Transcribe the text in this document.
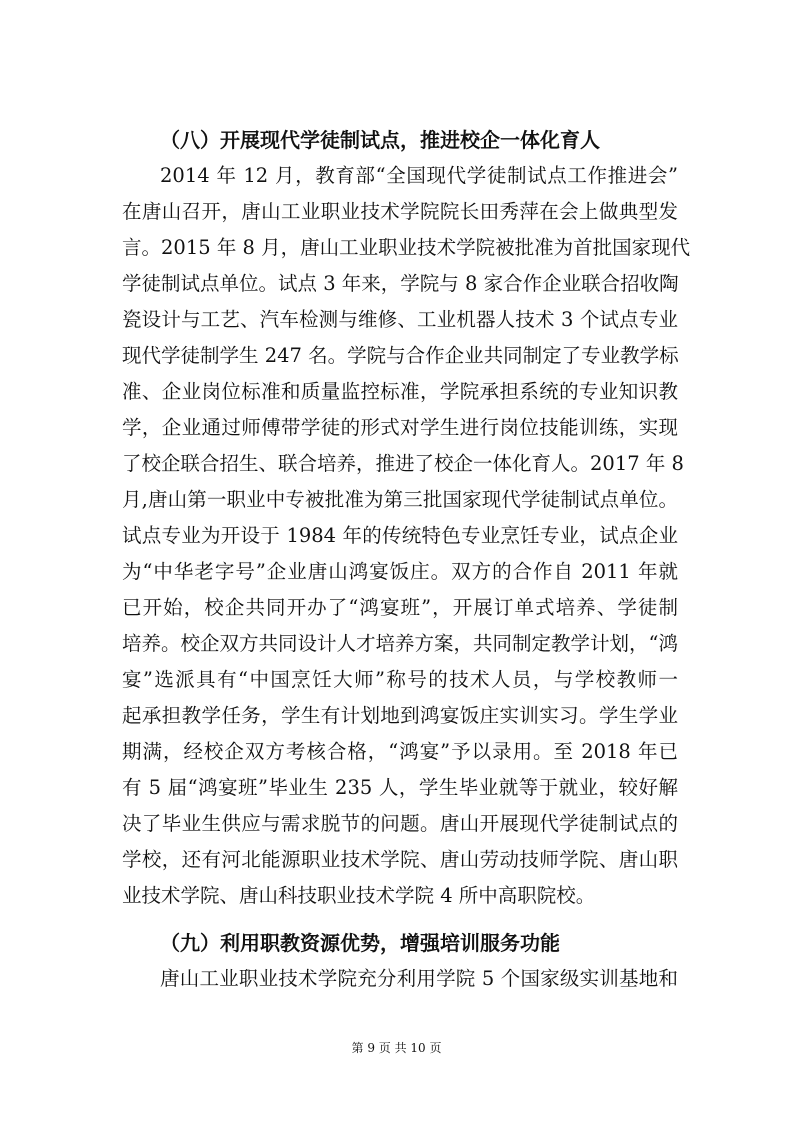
（八）开展现代学徒制试点，推进校企一体化育人
2014 年 12 月，教育部“全国现代学徒制试点工作推进会”
在唐山召开，唐山工业职业技术学院院长田秀萍在会上做典型发
言。2015 年 8 月，唐山工业职业技术学院被批准为首批国家现代
学徒制试点单位。试点 3 年来，学院与 8 家合作企业联合招收陶
瓷设计与工艺、汽车检测与维修、工业机器人技术 3 个试点专业
现代学徒制学生 247 名。学院与合作企业共同制定了专业教学标
准、企业岗位标准和质量监控标准，学院承担系统的专业知识教
学，企业通过师傅带学徒的形式对学生进行岗位技能训练，实现
了校企联合招生、联合培养，推进了校企一体化育人。2017 年 8
月,唐山第一职业中专被批准为第三批国家现代学徒制试点单位。
试点专业为开设于 1984 年的传统特色专业烹饪专业，试点企业
为“中华老字号”企业唐山鸿宴饭庄。双方的合作自 2011 年就
已开始，校企共同开办了“鸿宴班”，开展订单式培养、学徒制
培养。校企双方共同设计人才培养方案，共同制定教学计划，“鸿
宴”选派具有“中国烹饪大师”称号的技术人员，与学校教师一
起承担教学任务，学生有计划地到鸿宴饭庄实训实习。学生学业
期满，经校企双方考核合格，“鸿宴”予以录用。至 2018 年已
有 5 届“鸿宴班”毕业生 235 人，学生毕业就等于就业，较好解
决了毕业生供应与需求脱节的问题。唐山开展现代学徒制试点的
学校，还有河北能源职业技术学院、唐山劳动技师学院、唐山职
业技术学院、唐山科技职业技术学院 4 所中高职院校。
（九）利用职教资源优势，增强培训服务功能
唐山工业职业技术学院充分利用学院 5 个国家级实训基地和
第 9 页 共 10 页
